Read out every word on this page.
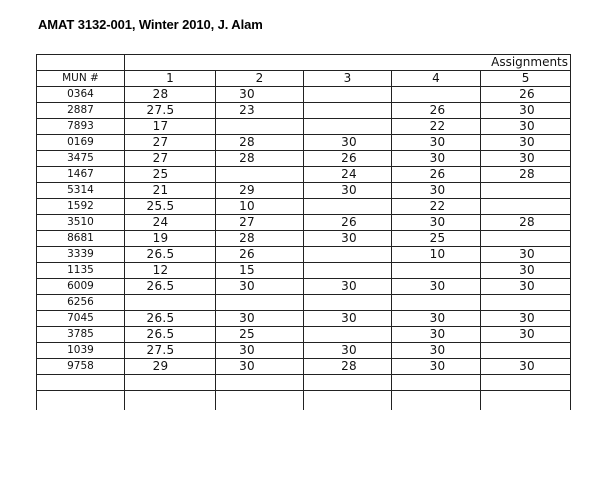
AMAT 3132-001, Winter 2010, J. Alam
	Assignments				
MUN #	1	2	3	4	5
0364	28	30			26
2887	27.5	23		26	30
7893	17			22	30
0169	27	28	30	30	30
3475	27	28	26	30	30
1467	25		24	26	28
5314	21	29	30	30	
1592	25.5	10		22	
3510	24	27	26	30	28
8681	19	28	30	25	
3339	26.5	26		10	30
1135	12	15			30
6009	26.5	30	30	30	30
6256					
7045	26.5	30	30	30	30
3785	26.5	25		30	30
1039	27.5	30	30	30	
9758	29	30	28	30	30
